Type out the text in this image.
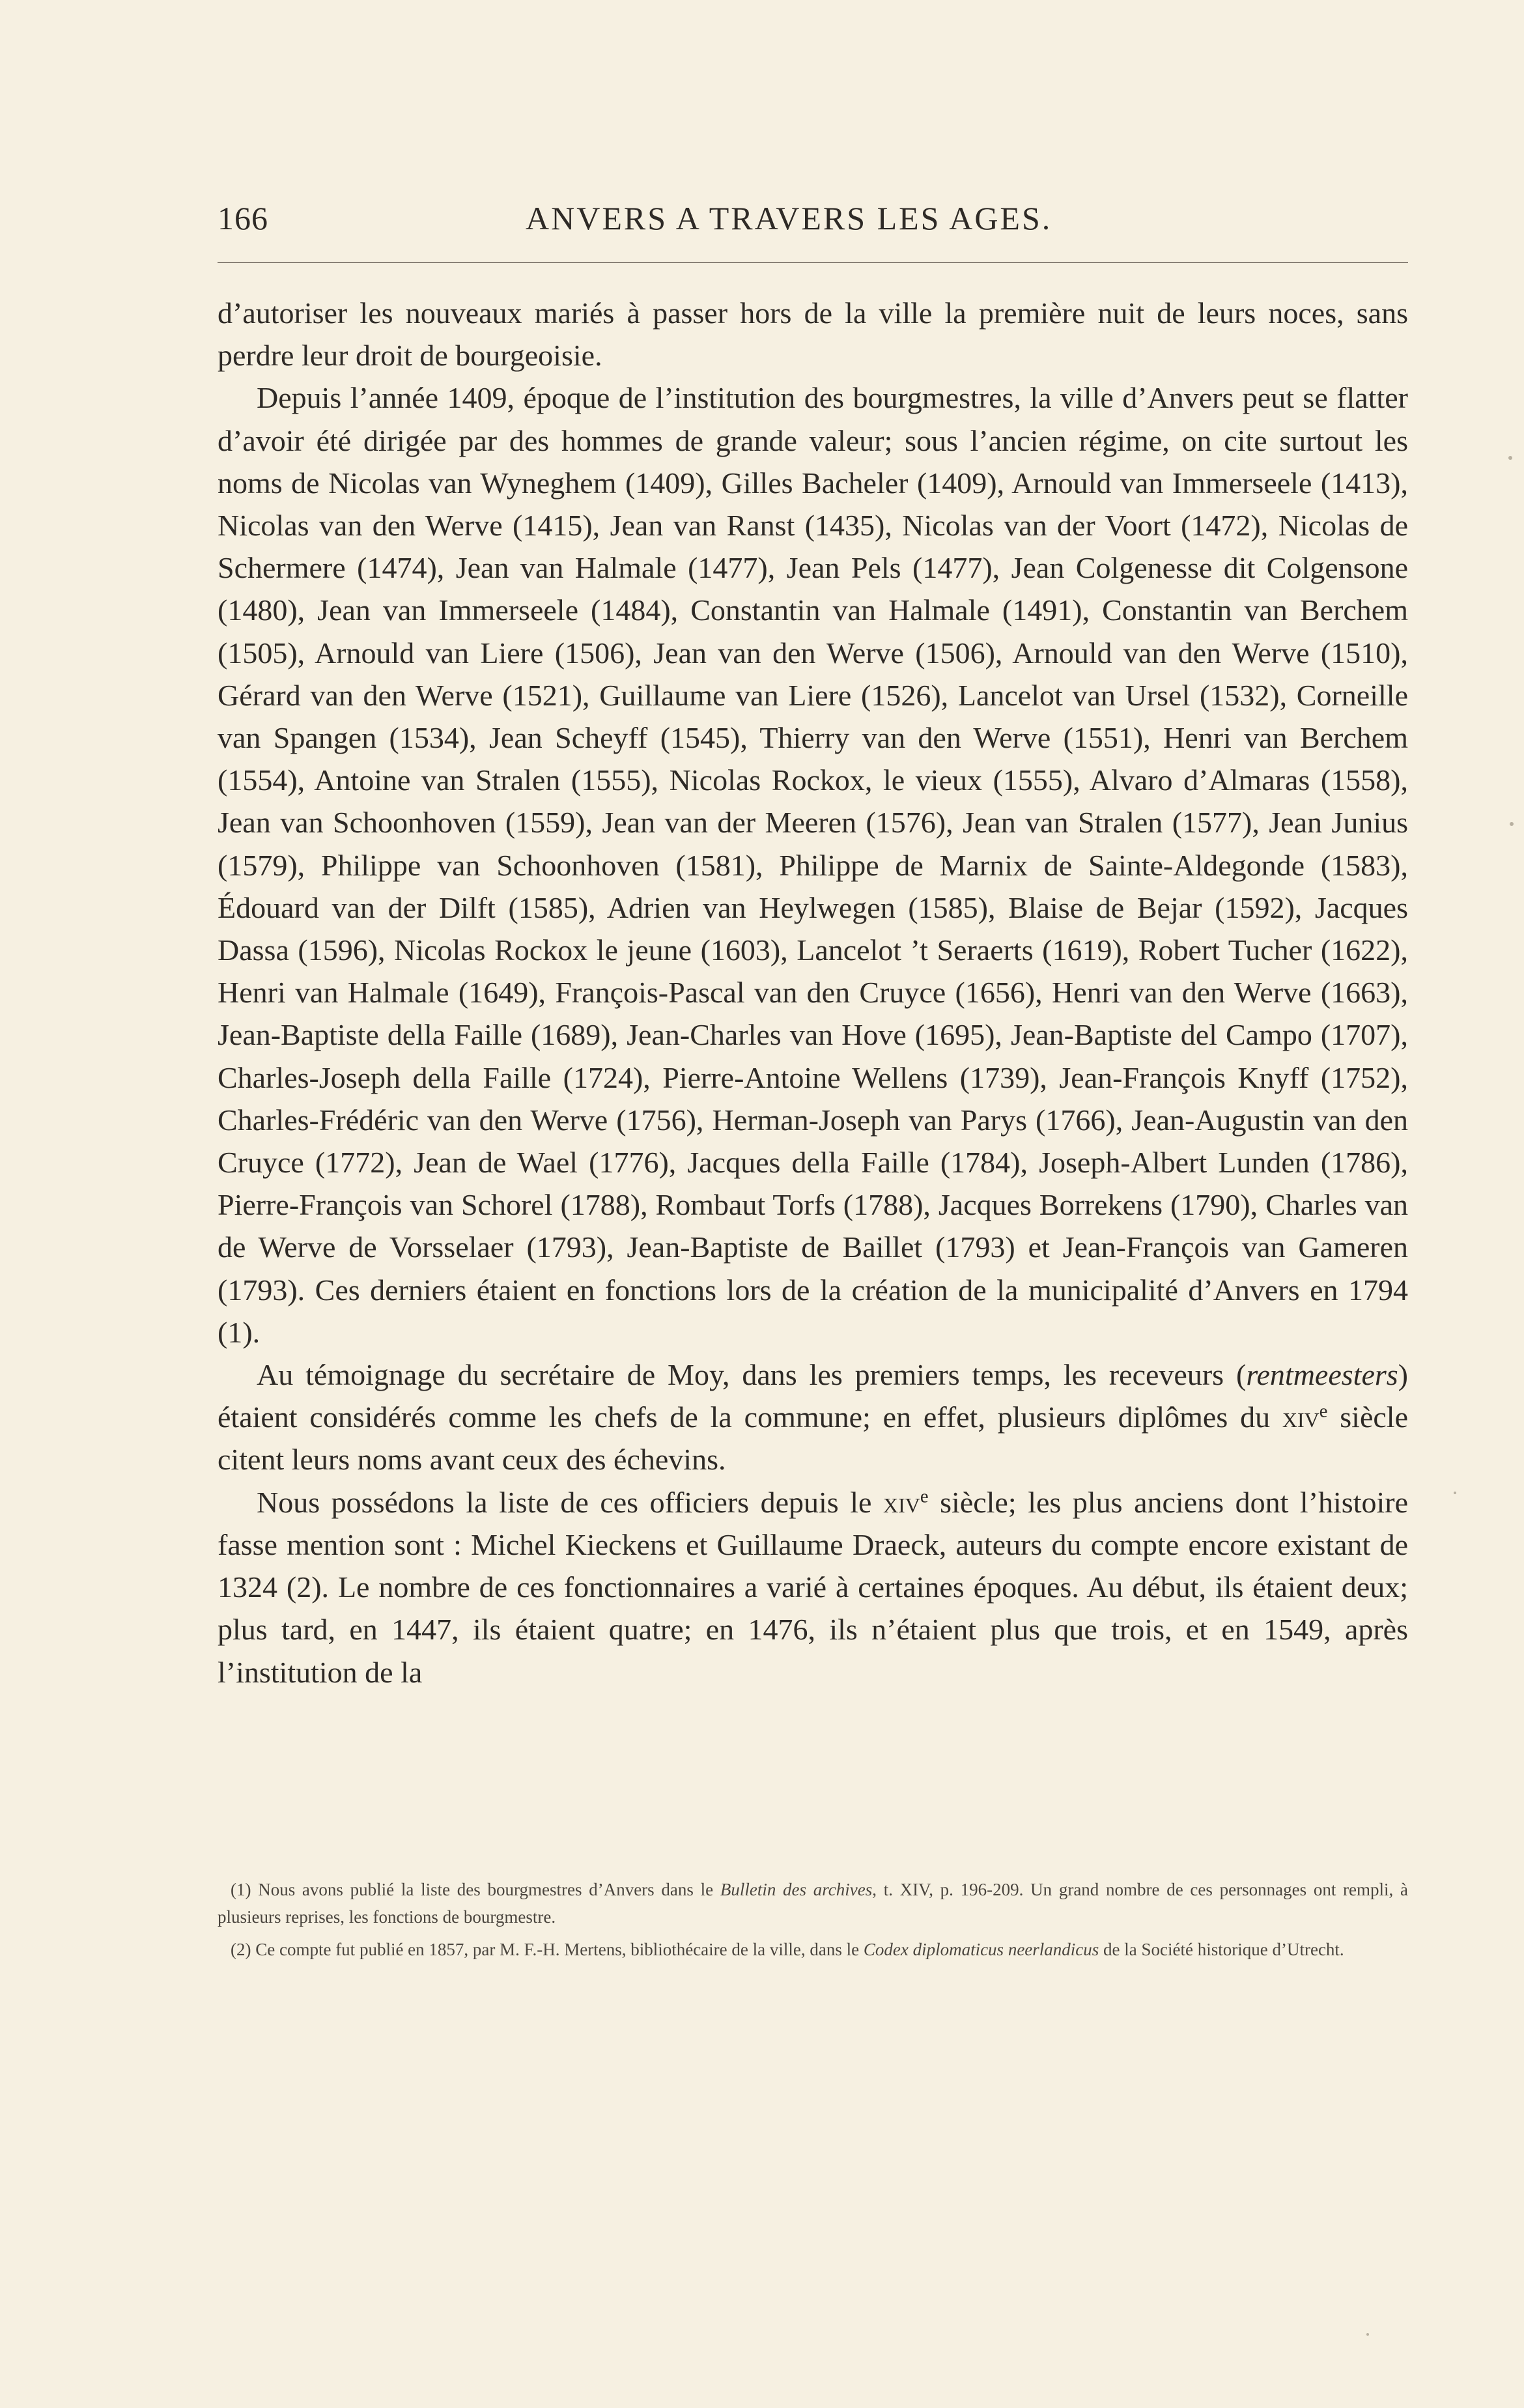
166	ANVERS A TRAVERS LES AGES.

d’autoriser les nouveaux mariés à passer hors de la ville la première nuit de leurs noces, sans perdre leur droit de bourgeoisie.

Depuis l’année 1409, époque de l’institution des bourgmestres, la ville d’Anvers peut se flatter d’avoir été dirigée par des hommes de grande valeur; sous l’ancien régime, on cite surtout les noms de Nicolas van Wyneghem (1409), Gilles Bacheler (1409), Arnould van Immerseele (1413), Nicolas van den Werve (1415), Jean van Ranst (1435), Nicolas van der Voort (1472), Nicolas de Schermere (1474), Jean van Halmale (1477), Jean Pels (1477), Jean Colgenesse dit Colgensone (1480), Jean van Immerseele (1484), Constantin van Halmale (1491), Constantin van Berchem (1505), Arnould van Liere (1506), Jean van den Werve (1506), Arnould van den Werve (1510), Gérard van den Werve (1521), Guillaume van Liere (1526), Lancelot van Ursel (1532), Corneille van Spangen (1534), Jean Scheyff (1545), Thierry van den Werve (1551), Henri van Berchem (1554), Antoine van Stralen (1555), Nicolas Rockox, le vieux (1555), Alvaro d’Almaras (1558), Jean van Schoonhoven (1559), Jean van der Meeren (1576), Jean van Stralen (1577), Jean Junius (1579), Philippe van Schoonhoven (1581), Philippe de Marnix de Sainte-Aldegonde (1583), Édouard van der Dilft (1585), Adrien van Heylwegen (1585), Blaise de Bejar (1592), Jacques Dassa (1596), Nicolas Rockox le jeune (1603), Lancelot ’t Seraerts (1619), Robert Tucher (1622), Henri van Halmale (1649), François-Pascal van den Cruyce (1656), Henri van den Werve (1663), Jean-Baptiste della Faille (1689), Jean-Charles van Hove (1695), Jean-Baptiste del Campo (1707), Charles-Joseph della Faille (1724), Pierre-Antoine Wellens (1739), Jean-François Knyff (1752), Charles-Frédéric van den Werve (1756), Herman-Joseph van Parys (1766), Jean-Augustin van den Cruyce (1772), Jean de Wael (1776), Jacques della Faille (1784), Joseph-Albert Lunden (1786), Pierre-François van Schorel (1788), Rombaut Torfs (1788), Jacques Borrekens (1790), Charles van de Werve de Vorsselaer (1793), Jean-Baptiste de Baillet (1793) et Jean-François van Gameren (1793). Ces derniers étaient en fonctions lors de la création de la municipalité d’Anvers en 1794 (1).

Au témoignage du secrétaire de Moy, dans les premiers temps, les receveurs (rentmeesters) étaient considérés comme les chefs de la commune; en effet, plusieurs diplômes du xiv$^e$ siècle citent leurs noms avant ceux des échevins.

Nous possédons la liste de ces officiers depuis le xiv$^e$ siècle; les plus anciens dont l’histoire fasse mention sont : Michel Kieckens et Guillaume Draeck, auteurs du compte encore existant de 1324 (2). Le nombre de ces fonctionnaires a varié à certaines époques. Au début, ils étaient deux; plus tard, en 1447, ils étaient quatre; en 1476, ils n’étaient plus que trois, et en 1549, après l’institution de la

(1) Nous avons publié la liste des bourgmestres d’Anvers dans le Bulletin des archives, t. XIV, p. 196-209. Un grand nombre de ces personnages ont rempli, à plusieurs reprises, les fonctions de bourgmestre.

(2) Ce compte fut publié en 1857, par M. F.-H. Mertens, bibliothécaire de la ville, dans le Codex diplomaticus neerlandicus de la Société historique d’Utrecht.
